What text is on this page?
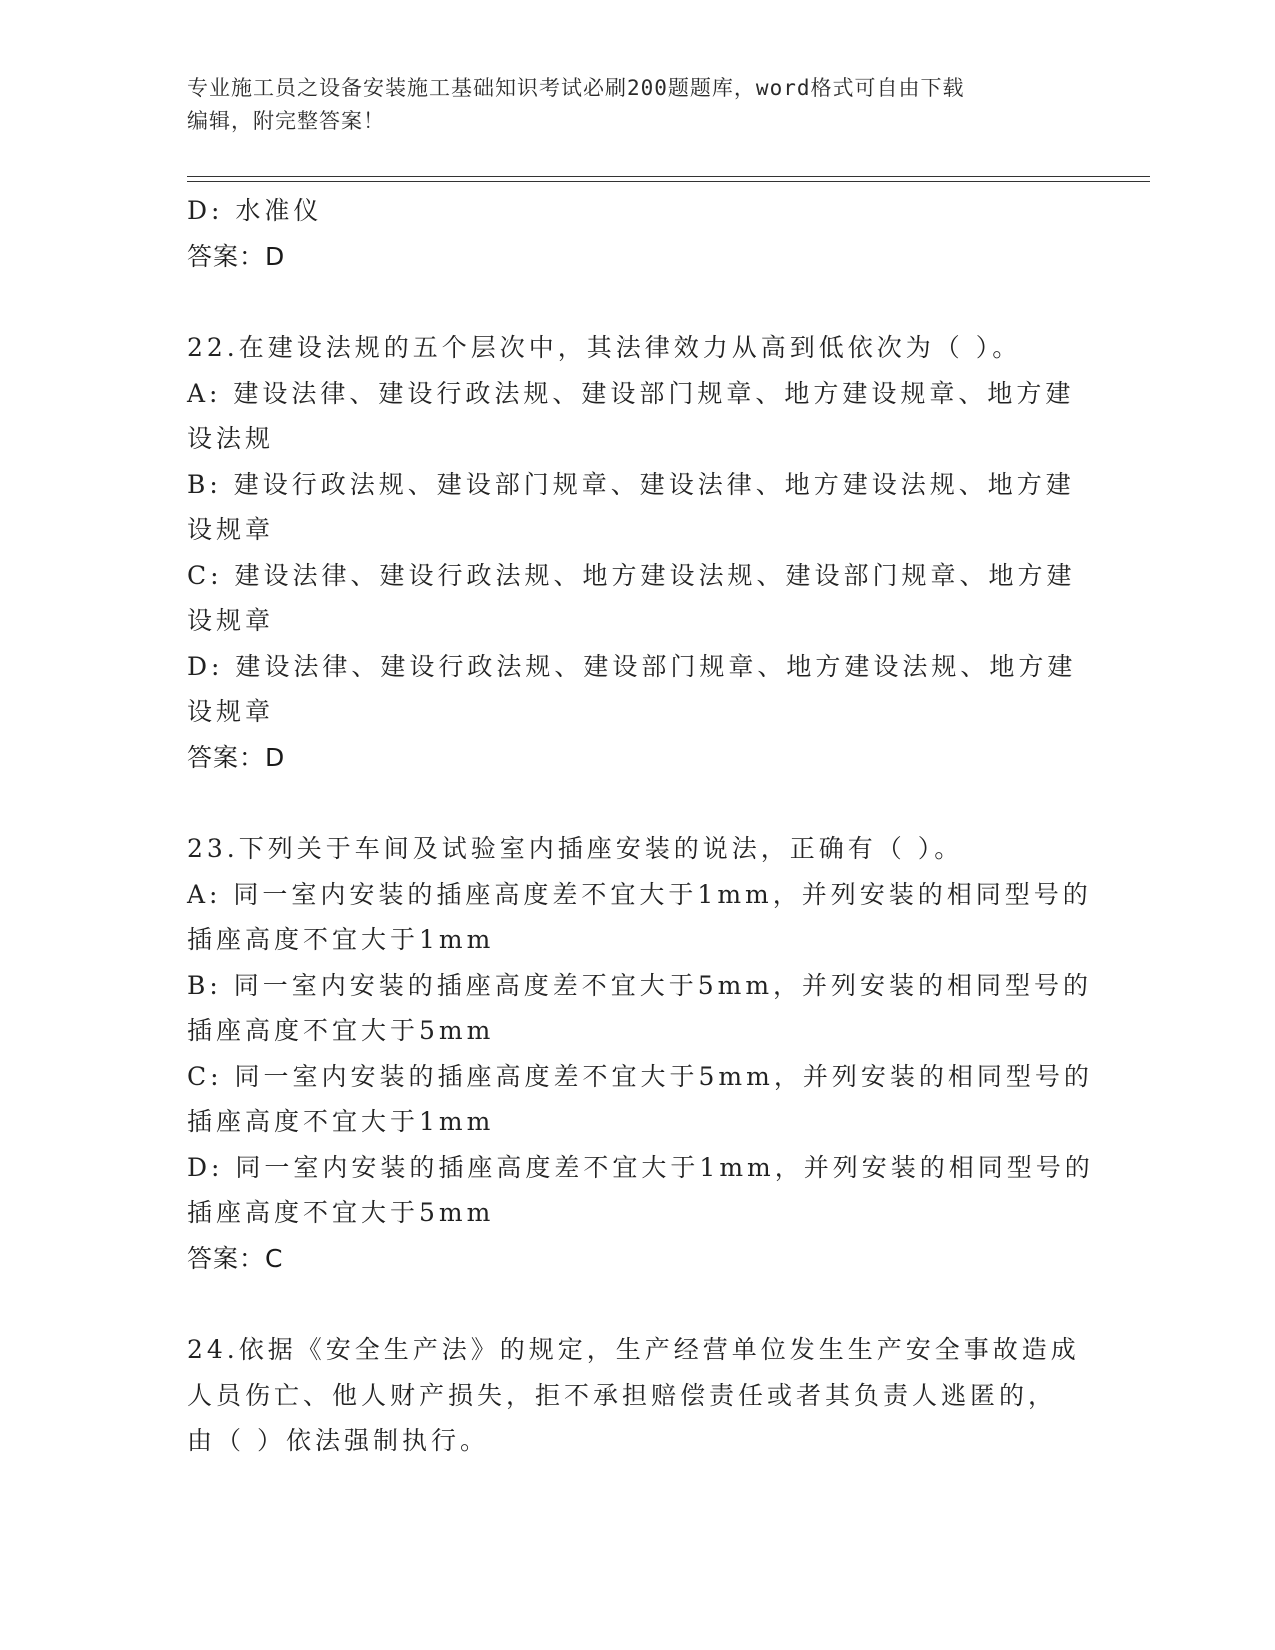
专业施工员之设备安装施工基础知识考试必刷200题题库，word格式可自由下载
编辑，附完整答案！
D: 水准仪
答案：D
22.在建设法规的五个层次中，其法律效力从高到低依次为（ ）。
A: 建设法律、建设行政法规、建设部门规章、地方建设规章、地方建
设法规
B: 建设行政法规、建设部门规章、建设法律、地方建设法规、地方建
设规章
C: 建设法律、建设行政法规、地方建设法规、建设部门规章、地方建
设规章
D: 建设法律、建设行政法规、建设部门规章、地方建设法规、地方建
设规章
答案：D
23.下列关于车间及试验室内插座安装的说法，正确有（ ）。
A: 同一室内安装的插座高度差不宜大于1mm，并列安装的相同型号的
插座高度不宜大于1mm
B: 同一室内安装的插座高度差不宜大于5mm，并列安装的相同型号的
插座高度不宜大于5mm
C: 同一室内安装的插座高度差不宜大于5mm，并列安装的相同型号的
插座高度不宜大于1mm
D: 同一室内安装的插座高度差不宜大于1mm，并列安装的相同型号的
插座高度不宜大于5mm
答案：C
24.依据《安全生产法》的规定，生产经营单位发生生产安全事故造成
人员伤亡、他人财产损失，拒不承担赔偿责任或者其负责人逃匿的，
由（ ）依法强制执行。
